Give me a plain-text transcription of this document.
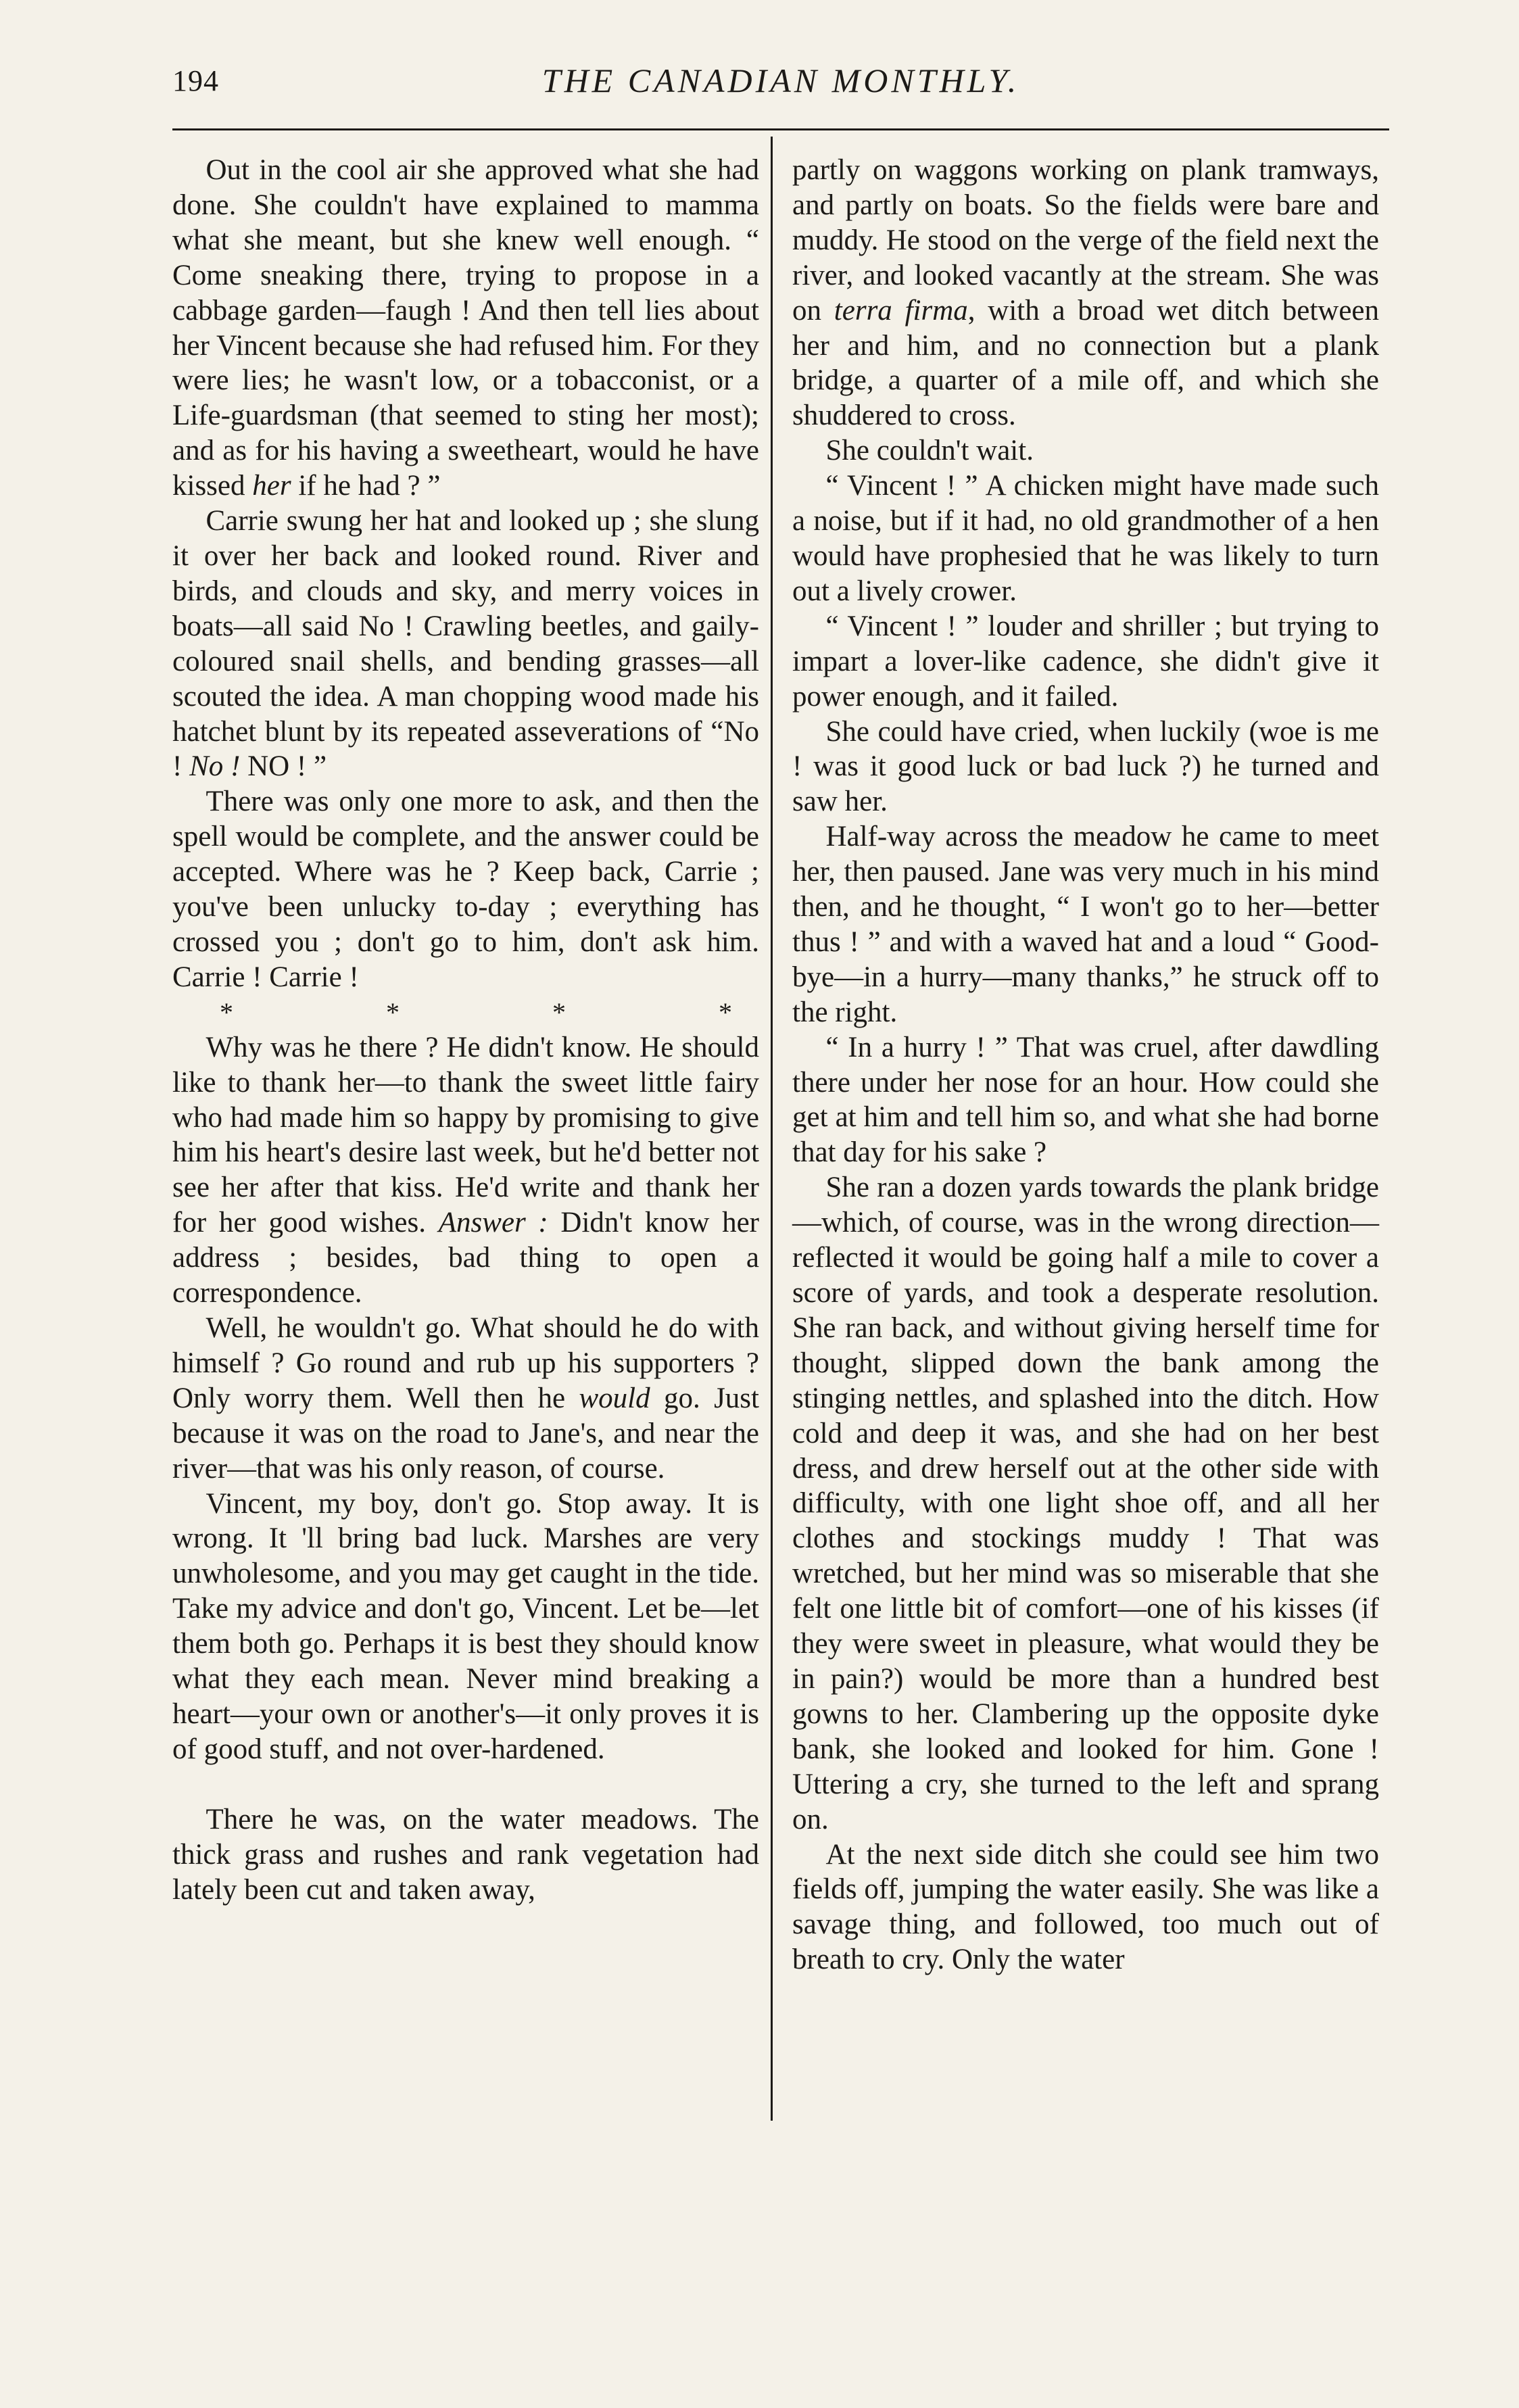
194	THE CANADIAN MONTHLY.

Out in the cool air she approved what she had done. She couldn't have explained to mamma what she meant, but she knew well enough. “ Come sneaking there, trying to propose in a cabbage garden—faugh ! And then tell lies about her Vincent because she had refused him. For they were lies; he wasn't low, or a tobacconist, or a Life-guardsman (that seemed to sting her most); and as for his having a sweetheart, would he have kissed her if he had ? ”

Carrie swung her hat and looked up ; she slung it over her back and looked round. River and birds, and clouds and sky, and merry voices in boats—all said No ! Crawling beetles, and gaily-coloured snail shells, and bending grasses—all scouted the idea. A man chopping wood made his hatchet blunt by its repeated asseverations of “No ! No ! NO ! ”

There was only one more to ask, and then the spell would be complete, and the answer could be accepted. Where was he ? Keep back, Carrie ; you've been unlucky to-day ; everything has crossed you ; don't go to him, don't ask him. Carrie ! Carrie !

*	*	*	*

Why was he there ? He didn't know. He should like to thank her—to thank the sweet little fairy who had made him so happy by promising to give him his heart's desire last week, but he'd better not see her after that kiss. He'd write and thank her for her good wishes. Answer : Didn't know her address ; besides, bad thing to open a correspondence.

Well, he wouldn't go. What should he do with himself ? Go round and rub up his supporters ? Only worry them. Well then he would go. Just because it was on the road to Jane's, and near the river—that was his only reason, of course.

Vincent, my boy, don't go. Stop away. It is wrong. It 'll bring bad luck. Marshes are very unwholesome, and you may get caught in the tide. Take my advice and don't go, Vincent. Let be—let them both go. Perhaps it is best they should know what they each mean. Never mind breaking a heart—your own or another's—it only proves it is of good stuff, and not over-hardened.

There he was, on the water meadows. The thick grass and rushes and rank vegetation had lately been cut and taken away,

partly on waggons working on plank tramways, and partly on boats. So the fields were bare and muddy. He stood on the verge of the field next the river, and looked vacantly at the stream. She was on terra firma, with a broad wet ditch between her and him, and no connection but a plank bridge, a quarter of a mile off, and which she shuddered to cross.

She couldn't wait.

“ Vincent ! ” A chicken might have made such a noise, but if it had, no old grandmother of a hen would have prophesied that he was likely to turn out a lively crower.

“ Vincent ! ” louder and shriller ; but trying to impart a lover-like cadence, she didn't give it power enough, and it failed.

She could have cried, when luckily (woe is me ! was it good luck or bad luck ?) he turned and saw her.

Half-way across the meadow he came to meet her, then paused. Jane was very much in his mind then, and he thought, “ I won't go to her—better thus ! ” and with a waved hat and a loud “ Good-bye—in a hurry—many thanks,” he struck off to the right.

“ In a hurry ! ” That was cruel, after dawdling there under her nose for an hour. How could she get at him and tell him so, and what she had borne that day for his sake ?

She ran a dozen yards towards the plank bridge—which, of course, was in the wrong direction—reflected it would be going half a mile to cover a score of yards, and took a desperate resolution. She ran back, and without giving herself time for thought, slipped down the bank among the stinging nettles, and splashed into the ditch. How cold and deep it was, and she had on her best dress, and drew herself out at the other side with difficulty, with one light shoe off, and all her clothes and stockings muddy ! That was wretched, but her mind was so miserable that she felt one little bit of comfort—one of his kisses (if they were sweet in pleasure, what would they be in pain?) would be more than a hundred best gowns to her. Clambering up the opposite dyke bank, she looked and looked for him. Gone ! Uttering a cry, she turned to the left and sprang on.

At the next side ditch she could see him two fields off, jumping the water easily. She was like a savage thing, and followed, too much out of breath to cry. Only the water
